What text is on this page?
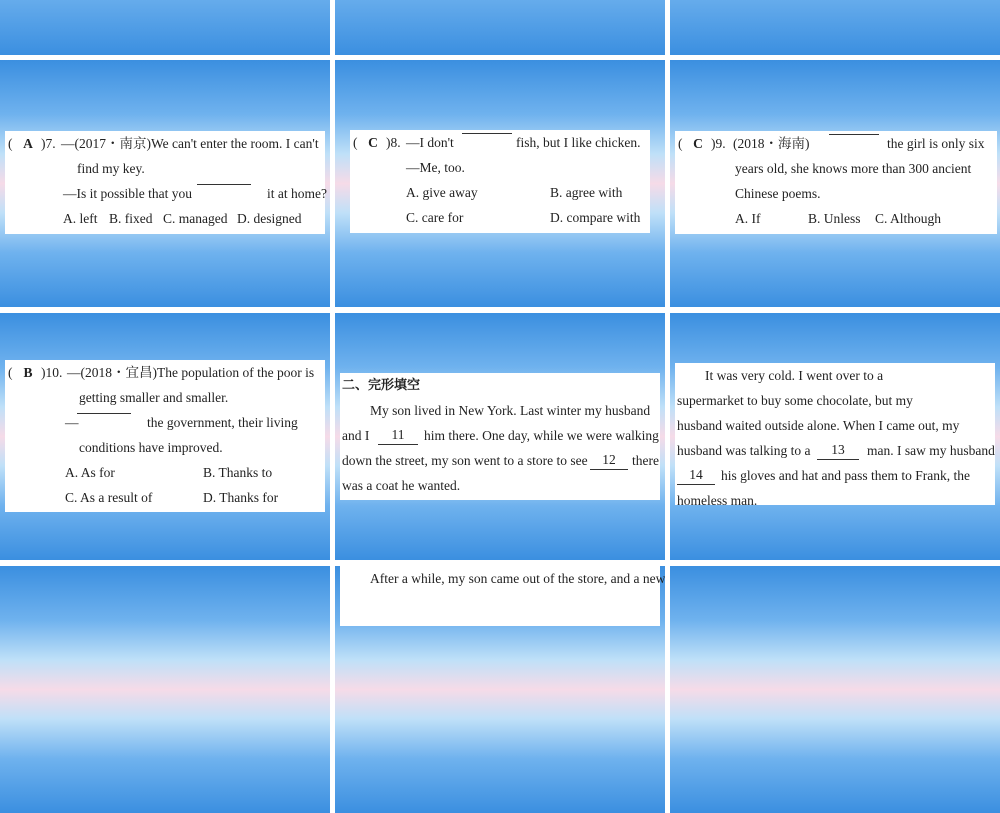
( A )7. —(2017・南京)We can't enter the room. I can't
find my key.
—Is it possible that you	it at home?
A. left B. fixed C. managed D. designed
( C )8. —I don't	fish, but I like chicken.
—Me, too.
A. give away	B. agree with
C. care for	D. compare with
( C )9. (2018・海南)	the girl is only six
years old, she knows more than 300 ancient
Chinese poems.
A. If	B. Unless C. Although
( B )10. —(2018・宜昌)The population of the poor is
getting smaller and smaller.
—	the government, their living
conditions have improved.
A. As for	B. Thanks to
C. As a result of	D. Thanks for
二、完形填空
My son lived in New York. Last winter my husband
and I	11	him there. One day, while we were walking
down the street, my son went to a store to see	12	there
was a coat he wanted.
It was very cold. I went over to a
supermarket to buy some chocolate, but my
husband waited outside alone. When I came out, my
husband was talking to a	13	man. I saw my husband
14	his gloves and hat and pass them to Frank, the
homeless man.
After a while, my son came out of the store, and a new
